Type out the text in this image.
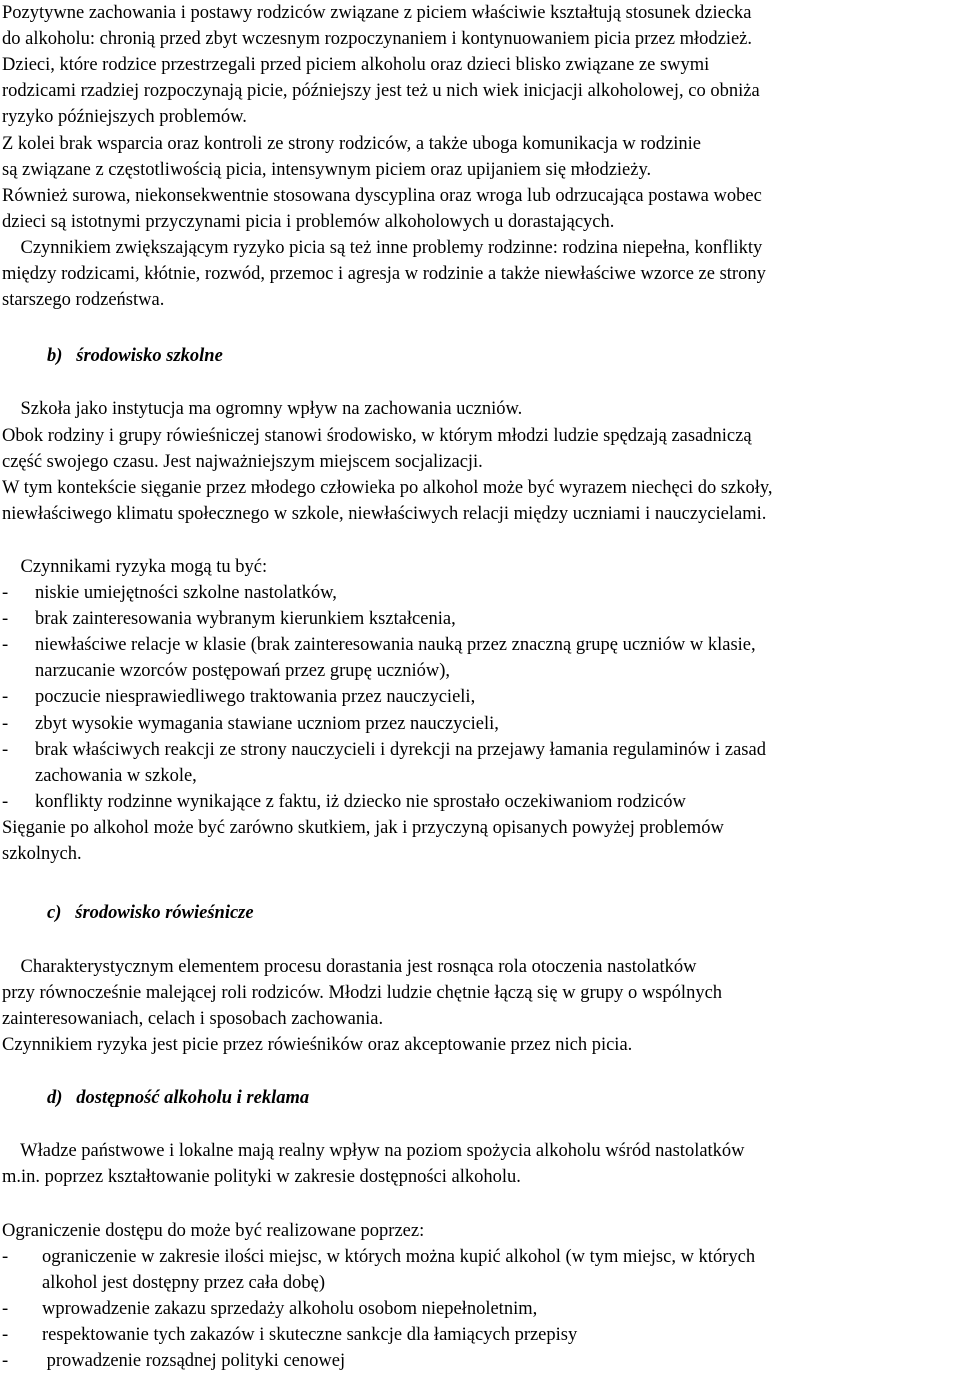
Pozytywne zachowania i postawy rodziców związane z piciem właściwie kształtują stosunek dziecka
do alkoholu: chronią przed zbyt wczesnym rozpoczynaniem i kontynuowaniem picia przez młodzież.
Dzieci, które rodzice przestrzegali przed piciem alkoholu oraz dzieci blisko związane ze swymi
rodzicami rzadziej rozpoczynają picie, późniejszy jest też u nich wiek inicjacji alkoholowej, co obniża
ryzyko późniejszych problemów.
Z kolei brak wsparcia oraz kontroli ze strony rodziców, a także uboga komunikacja w rodzinie
są związane z częstotliwością picia, intensywnym piciem oraz upijaniem się młodzieży.
Również surowa, niekonsekwentnie stosowana dyscyplina oraz wroga lub odrzucająca postawa wobec
dzieci są istotnymi przyczynami picia i problemów alkoholowych u dorastających.
Czynnikiem zwiększającym ryzyko picia są też inne problemy rodzinne: rodzina niepełna, konflikty
między rodzicami, kłótnie, rozwód, przemoc i agresja w rodzinie a także niewłaściwe wzorce ze strony
starszego rodzeństwa.
b)   środowisko szkolne
Szkoła jako instytucja ma ogromny wpływ na zachowania uczniów.
Obok rodziny i grupy rówieśniczej stanowi środowisko, w którym młodzi ludzie spędzają zasadniczą
część swojego czasu. Jest najważniejszym miejscem socjalizacji.
W tym kontekście sięganie przez młodego człowieka po alkohol może być wyrazem niechęci do szkoły,
niewłaściwego klimatu społecznego w szkole, niewłaściwych relacji między uczniami i nauczycielami.
Czynnikami ryzyka mogą tu być:
- niskie umiejętności szkolne nastolatków,
- brak zainteresowania wybranym kierunkiem kształcenia,
- niewłaściwe relacje w klasie (brak zainteresowania nauką przez znaczną grupę uczniów w klasie,
narzucanie wzorców postępowań przez grupę uczniów),
- poczucie niesprawiedliwego traktowania przez nauczycieli,
- zbyt wysokie wymagania stawiane uczniom przez nauczycieli,
- brak właściwych reakcji ze strony nauczycieli i dyrekcji na przejawy łamania regulaminów i zasad
zachowania w szkole,
- konflikty rodzinne wynikające z faktu, iż dziecko nie sprostało oczekiwaniom rodziców
Sięganie po alkohol może być zarówno skutkiem, jak i przyczyną opisanych powyżej problemów
szkolnych.
c)   środowisko rówieśnicze
Charakterystycznym elementem procesu dorastania jest rosnąca rola otoczenia nastolatków
przy równocześnie malejącej roli rodziców. Młodzi ludzie chętnie łączą się w grupy o wspólnych
zainteresowaniach, celach i sposobach zachowania.
Czynnikiem ryzyka jest picie przez rówieśników oraz akceptowanie przez nich picia.
d)   dostępność alkoholu i reklama
Władze państwowe i lokalne mają realny wpływ na poziom spożycia alkoholu wśród nastolatków
m.in. poprzez kształtowanie polityki w zakresie dostępności alkoholu.
Ograniczenie dostępu do może być realizowane poprzez:
- ograniczenie w zakresie ilości miejsc, w których można kupić alkohol (w tym miejsc, w których
alkohol jest dostępny przez cała dobę)
- wprowadzenie zakazu sprzedaży alkoholu osobom niepełnoletnim,
- respektowanie tych zakazów i skuteczne sankcje dla łamiących przepisy
- prowadzenie rozsądnej polityki cenowej
